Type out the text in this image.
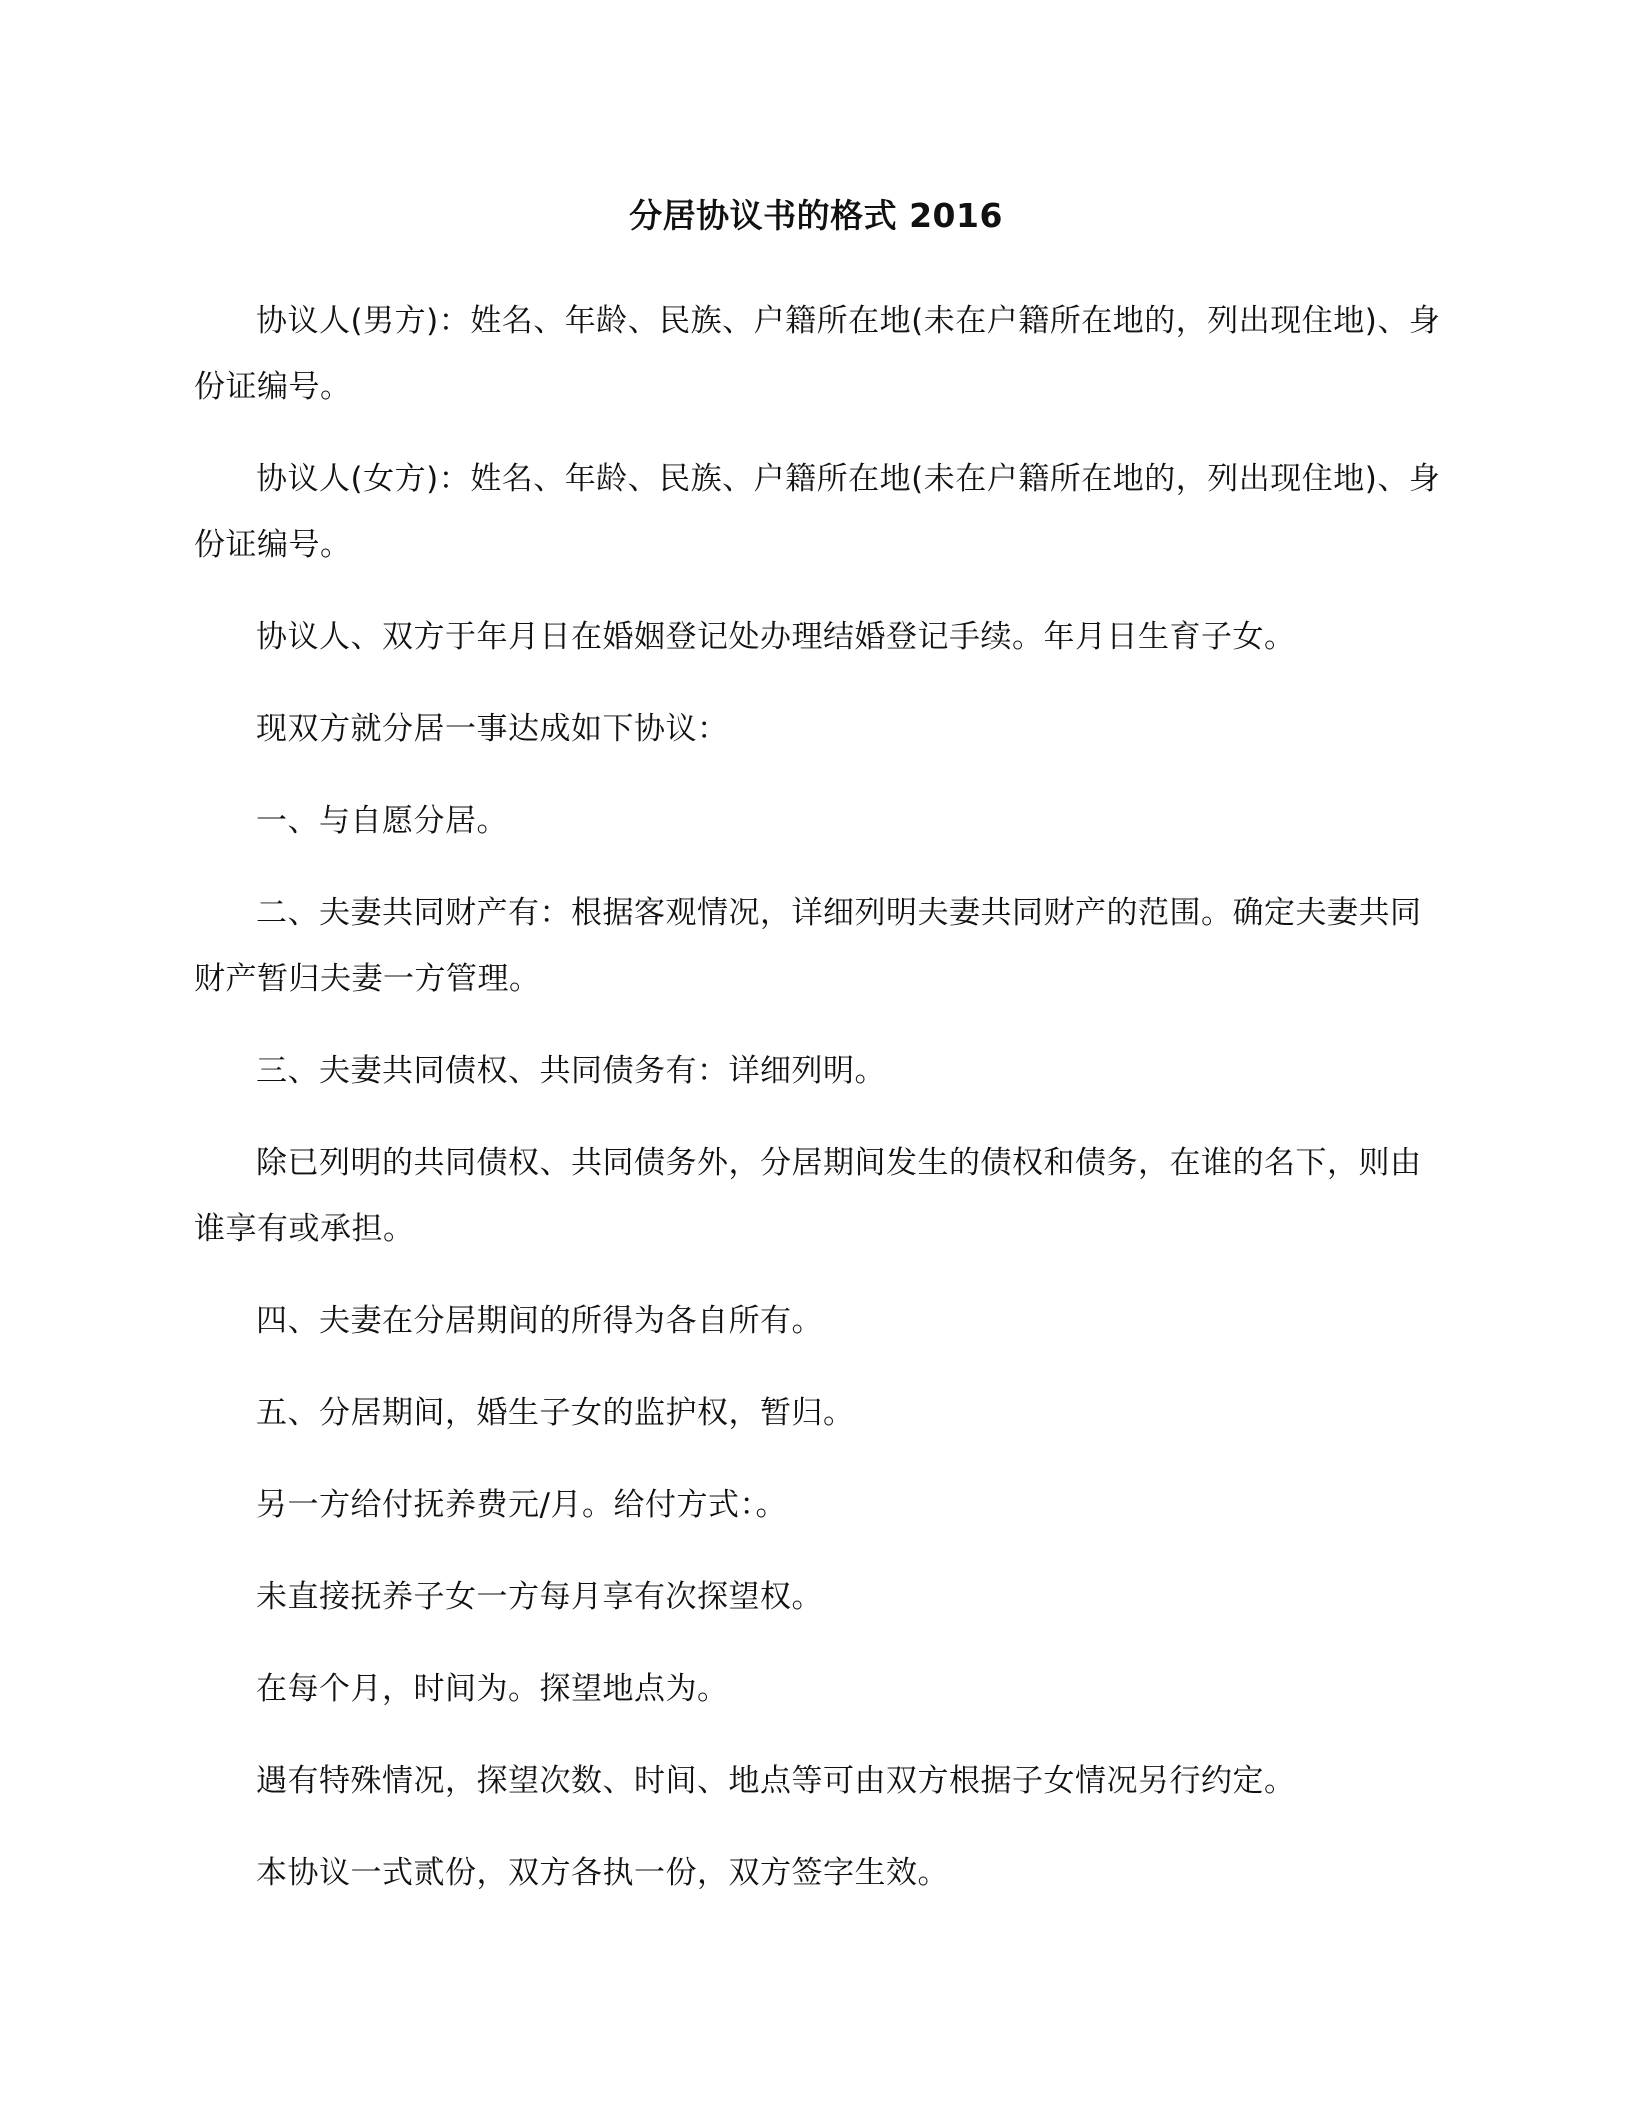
分居协议书的格式 2016

协议人(男方)：姓名、年龄、民族、户籍所在地(未在户籍所在地的，列出现住地)、身份证编号。

协议人(女方)：姓名、年龄、民族、户籍所在地(未在户籍所在地的，列出现住地)、身份证编号。

协议人、双方于年月日在婚姻登记处办理结婚登记手续。年月日生育子女。

现双方就分居一事达成如下协议：

一、与自愿分居。

二、夫妻共同财产有：根据客观情况，详细列明夫妻共同财产的范围。确定夫妻共同财产暂归夫妻一方管理。

三、夫妻共同债权、共同债务有：详细列明。

除已列明的共同债权、共同债务外，分居期间发生的债权和债务，在谁的名下，则由谁享有或承担。

四、夫妻在分居期间的所得为各自所有。

五、分居期间，婚生子女的监护权，暂归。

另一方给付抚养费元/月。给付方式：。

未直接抚养子女一方每月享有次探望权。

在每个月，时间为。探望地点为。

遇有特殊情况，探望次数、时间、地点等可由双方根据子女情况另行约定。

本协议一式贰份，双方各执一份，双方签字生效。
